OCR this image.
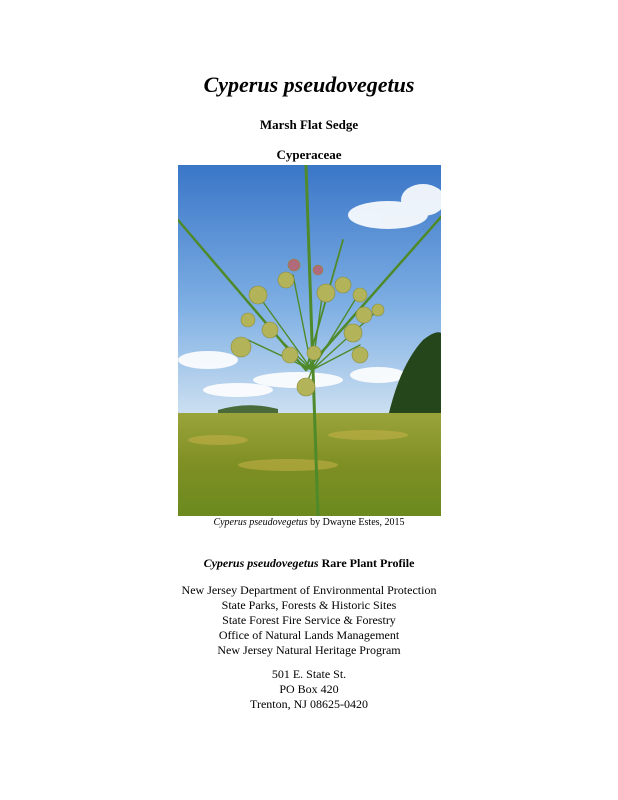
Cyperus pseudovegetus
Marsh Flat Sedge
Cyperaceae
Cyperus pseudovegetus by Dwayne Estes, 2015
Cyperus pseudovegetus Rare Plant Profile
New Jersey Department of Environmental Protection
State Parks, Forests & Historic Sites
State Forest Fire Service & Forestry
Office of Natural Lands Management
New Jersey Natural Heritage Program
501 E. State St.
PO Box 420
Trenton, NJ 08625-0420
